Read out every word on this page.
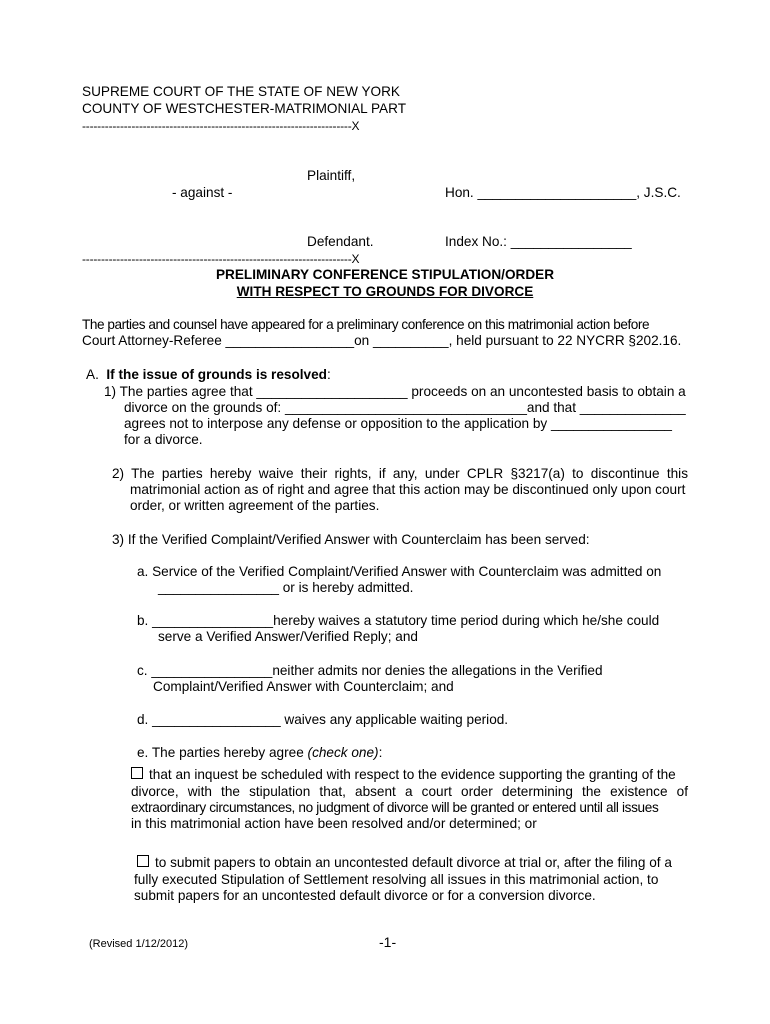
SUPREME COURT OF THE STATE OF NEW YORK
COUNTY OF WESTCHESTER-MATRIMONIAL PART
-----------------------------------------------------------------------X
Plaintiff,
- against -	Hon. _____________________, J.S.C.
Defendant.	Index No.: ________________
-----------------------------------------------------------------------X
PRELIMINARY CONFERENCE STIPULATION/ORDER
WITH RESPECT TO GROUNDS FOR DIVORCE
The parties and counsel have appeared for a preliminary conference on this matrimonial action before
Court Attorney-Referee _________________on __________, held pursuant to 22 NYCRR §202.16.
A. If the issue of grounds is resolved:
1) The parties agree that ____________________ proceeds on an uncontested basis to obtain a
divorce on the grounds of: ________________________________and that ______________
agrees not to interpose any defense or opposition to the application by ________________
for a divorce.
2) The parties hereby waive their rights, if any, under CPLR §3217(a) to discontinue this
matrimonial action as of right and agree that this action may be discontinued only upon court
order, or written agreement of the parties.
3) If the Verified Complaint/Verified Answer with Counterclaim has been served:
a. Service of the Verified Complaint/Verified Answer with Counterclaim was admitted on
________________ or is hereby admitted.
b. ________________hereby waives a statutory time period during which he/she could
serve a Verified Answer/Verified Reply; and
c. ________________neither admits nor denies the allegations in the Verified
Complaint/Verified Answer with Counterclaim; and
d. _________________ waives any applicable waiting period.
e. The parties hereby agree (check one):
that an inquest be scheduled with respect to the evidence supporting the granting of the
divorce, with the stipulation that, absent a court order determining the existence of
extraordinary circumstances, no judgment of divorce will be granted or entered until all issues
in this matrimonial action have been resolved and/or determined; or
to submit papers to obtain an uncontested default divorce at trial or, after the filing of a
fully executed Stipulation of Settlement resolving all issues in this matrimonial action, to
submit papers for an uncontested default divorce or for a conversion divorce.
(Revised 1/12/2012)	-1-
